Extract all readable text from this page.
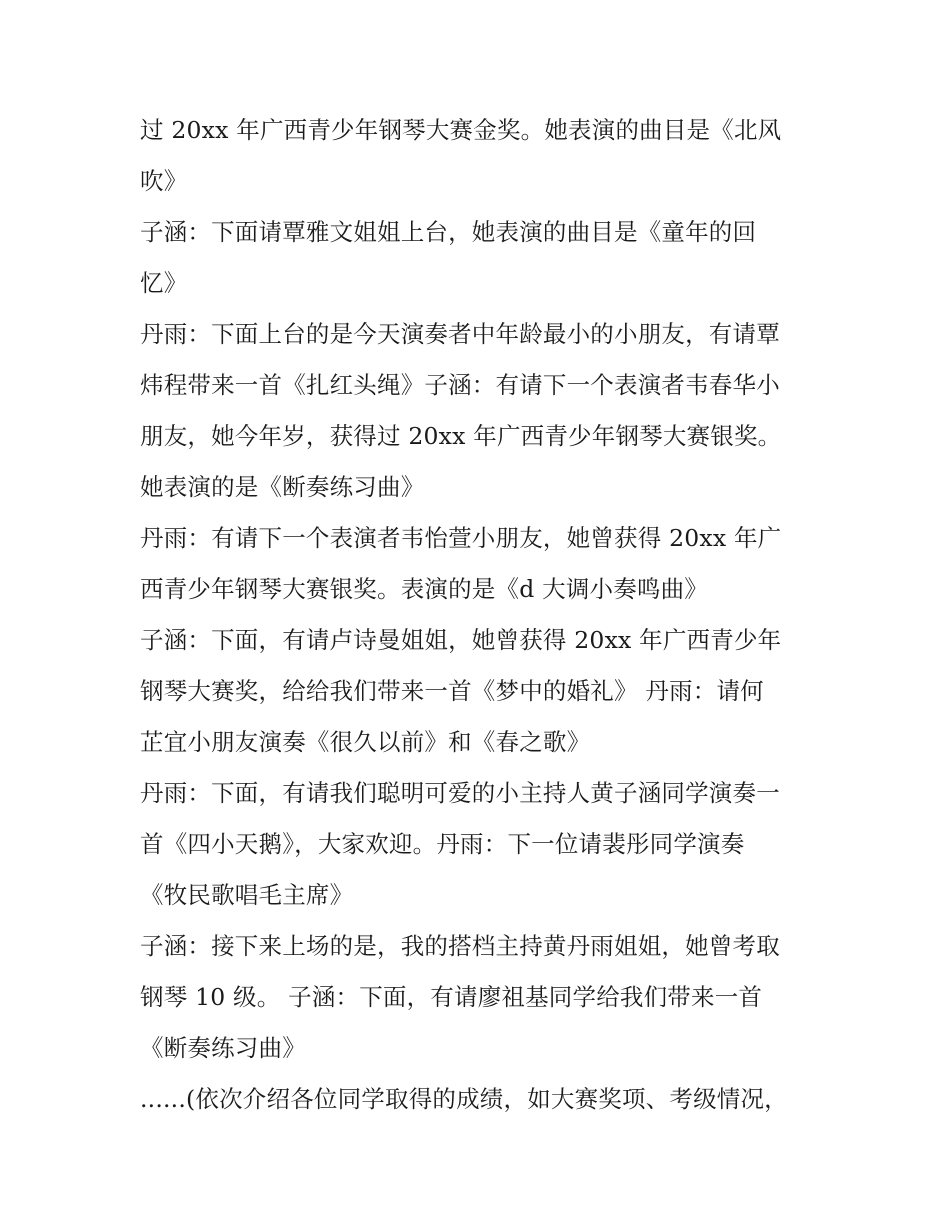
过 20xx 年广西青少年钢琴大赛金奖。她表演的曲目是《北风
吹》
子涵：下面请覃雅文姐姐上台，她表演的曲目是《童年的回
忆》
丹雨：下面上台的是今天演奏者中年龄最小的小朋友，有请覃
炜程带来一首《扎红头绳》子涵：有请下一个表演者韦春华小
朋友，她今年岁，获得过 20xx 年广西青少年钢琴大赛银奖。
她表演的是《断奏练习曲》
丹雨：有请下一个表演者韦怡萱小朋友，她曾获得 20xx 年广
西青少年钢琴大赛银奖。表演的是《d 大调小奏鸣曲》
子涵：下面，有请卢诗曼姐姐，她曾获得 20xx 年广西青少年
钢琴大赛奖，给给我们带来一首《梦中的婚礼》 丹雨：请何
芷宜小朋友演奏《很久以前》和《春之歌》
丹雨：下面，有请我们聪明可爱的小主持人黄子涵同学演奏一
首《四小天鹅》，大家欢迎。丹雨：下一位请裴彤同学演奏
《牧民歌唱毛主席》
子涵：接下来上场的是，我的搭档主持黄丹雨姐姐，她曾考取
钢琴 10 级。 子涵：下面，有请廖祖基同学给我们带来一首
《断奏练习曲》
......(依次介绍各位同学取得的成绩，如大赛奖项、考级情况，
